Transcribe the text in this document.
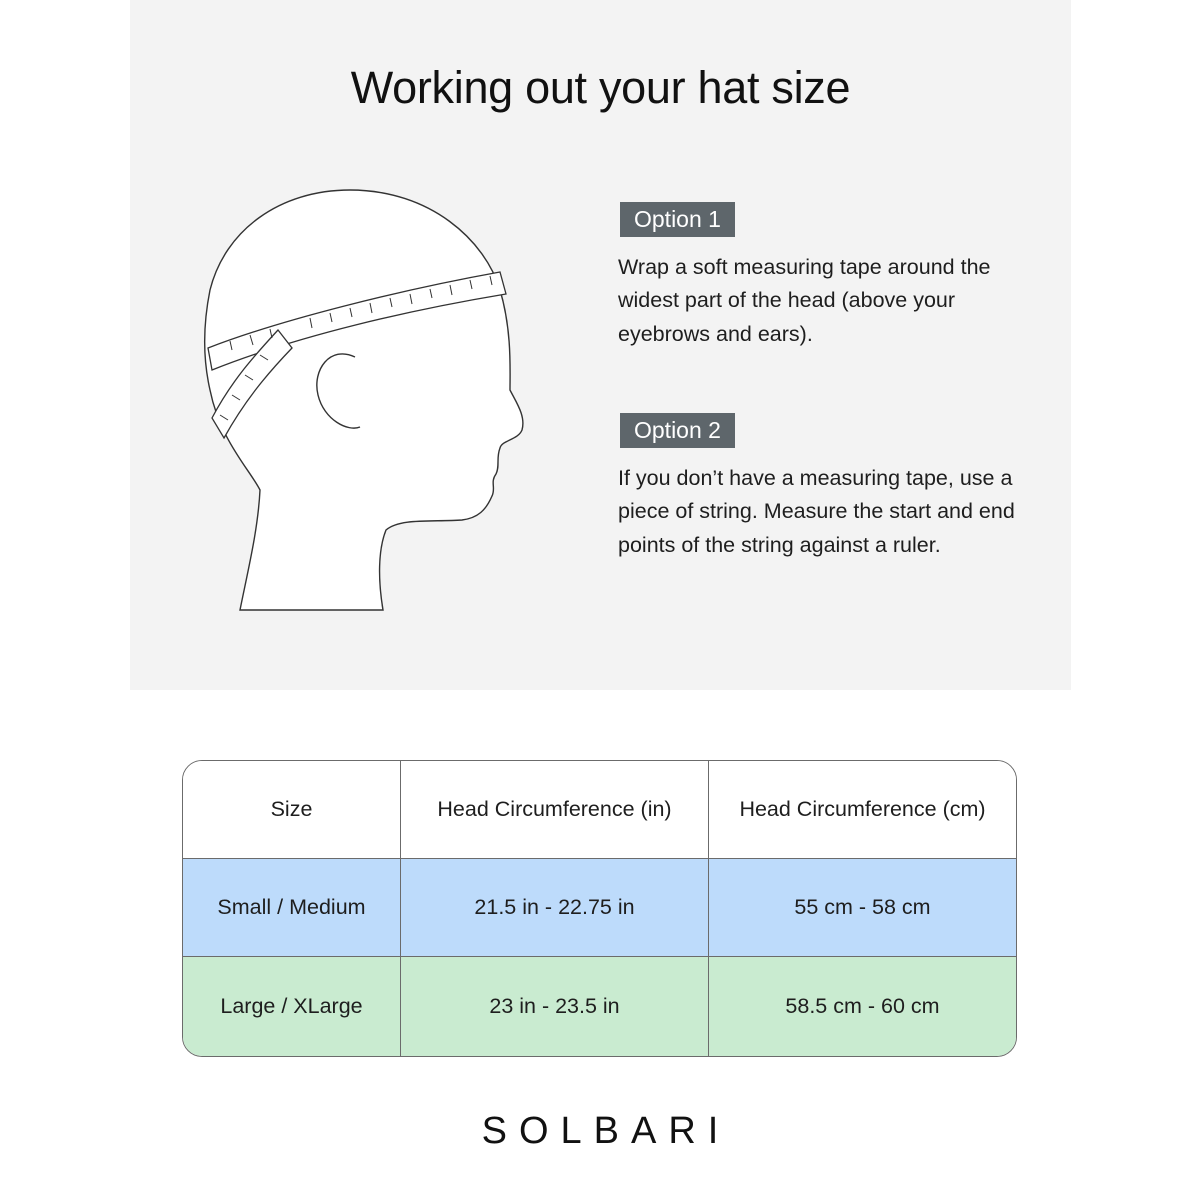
Working out your hat size
Option 1
Wrap a soft measuring tape around the widest part of the head (above your eyebrows and ears).
Option 2
If you don’t have a measuring tape, use a piece of string. Measure the start and end points of the string against a ruler.
Size	Head Circumference (in)	Head Circumference (cm)
Small / Medium	21.5 in - 22.75 in	55 cm - 58 cm
Large / XLarge	23 in - 23.5 in	58.5 cm - 60 cm
SOLBARI
